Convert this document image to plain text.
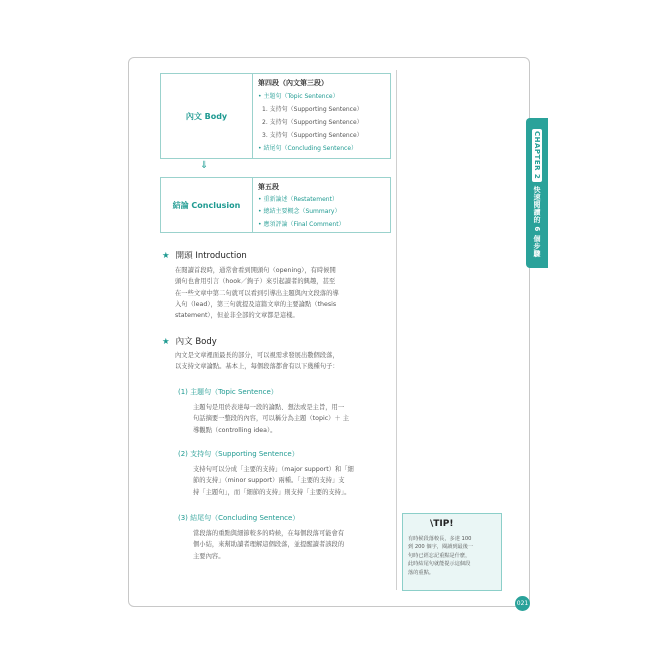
CHAPTER 2
快速閱讀的 6 個步驟
內文 Body
第四段（內文第三段）
• 主題句（Topic Sentence）
1. 支持句（Supporting Sentence）
2. 支持句（Supporting Sentence）
3. 支持句（Supporting Sentence）
• 結尾句（Concluding Sentence）
⇓
結論 Conclusion
第五段
• 重新論述（Restatement）
• 總結主要概念（Summary）
• 應須評論（Final Comment）
★ 開頭 Introduction
在閱讀首段時，通常會看到開頭句（opening），有時候開
頭句也會用引言（hook／鉤子）來引起讀者的興趣，甚至
在一些文章中第二句就可以看到引導出主題與內文段落的導
入句（lead），第三句就提及這篇文章的主要論點（thesis
statement），但並非全部的文章都是這樣。
★ 內文 Body
內文是文章裡面最長的部分，可以視需求發展出數個段落，
以支持文章論點。基本上，每個段落都會有以下幾種句子：
(1) 主題句（Topic Sentence）
主題句是用於表達每一段的論點、想法或是主旨，用一
句話摘要一整段的內容，可以稱分為主題（topic）＋ 主
導觀點（controlling idea）。
(2) 支持句（Supporting Sentence）
支持句可以分成「主要的支持」（major support）和「細
節的支持」（minor support）兩種。「主要的支持」支
持「主題句」，而「細節的支持」則支持「主要的支持」。
(3) 結尾句（Concluding Sentence）
當段落的重點與細節較多的時候，在每個段落可能會有
個小結，來幫助讀者理解這個段落，並提醒讀者該段的
主要內容。
\TIP!
有時候段落較長，多達 100
到 200 個字，閱讀到最後一
句時已經忘記重點是什麼，
此時結尾句就能提示這個段
落的重點。
021
